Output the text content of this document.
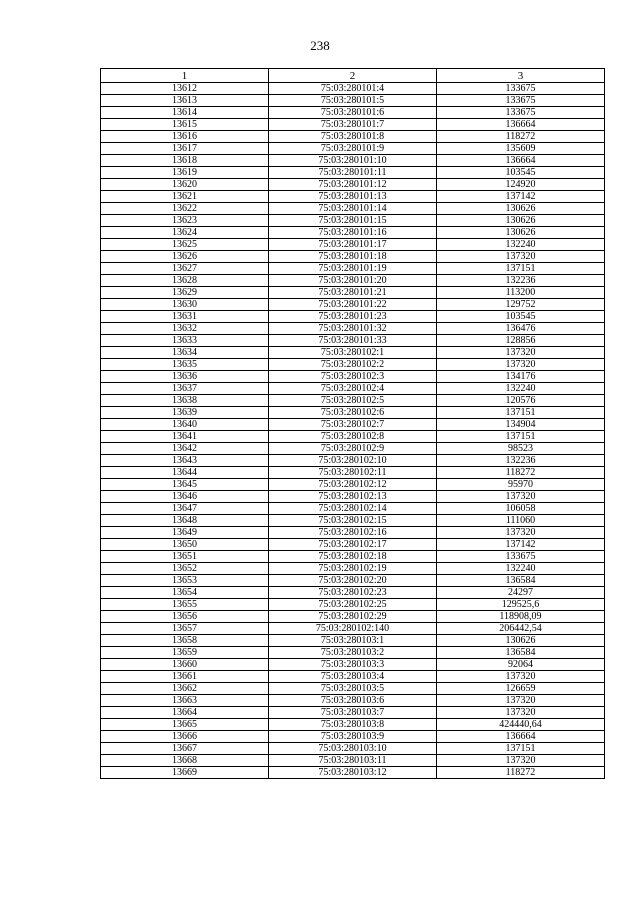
238
1	2	3
13612	75:03:280101:4	133675
13613	75:03:280101:5	133675
13614	75:03:280101:6	133675
13615	75:03:280101:7	136664
13616	75:03:280101:8	118272
13617	75:03:280101:9	135609
13618	75:03:280101:10	136664
13619	75:03:280101:11	103545
13620	75:03:280101:12	124920
13621	75:03:280101:13	137142
13622	75:03:280101:14	130626
13623	75:03:280101:15	130626
13624	75:03:280101:16	130626
13625	75:03:280101:17	132240
13626	75:03:280101:18	137320
13627	75:03:280101:19	137151
13628	75:03:280101:20	132236
13629	75:03:280101:21	113200
13630	75:03:280101:22	129752
13631	75:03:280101:23	103545
13632	75:03:280101:32	136476
13633	75:03:280101:33	128856
13634	75:03:280102:1	137320
13635	75:03:280102:2	137320
13636	75:03:280102:3	134176
13637	75:03:280102:4	132240
13638	75:03:280102:5	120576
13639	75:03:280102:6	137151
13640	75:03:280102:7	134904
13641	75:03:280102:8	137151
13642	75:03:280102:9	98523
13643	75:03:280102:10	132236
13644	75:03:280102:11	118272
13645	75:03:280102:12	95970
13646	75:03:280102:13	137320
13647	75:03:280102:14	106058
13648	75:03:280102:15	111060
13649	75:03:280102:16	137320
13650	75:03:280102:17	137142
13651	75:03:280102:18	133675
13652	75:03:280102:19	132240
13653	75:03:280102:20	136584
13654	75:03:280102:23	24297
13655	75:03:280102:25	129525,6
13656	75:03:280102:29	118908,09
13657	75:03:280102:140	206442,54
13658	75:03:280103:1	130626
13659	75:03:280103:2	136584
13660	75:03:280103:3	92064
13661	75:03:280103:4	137320
13662	75:03:280103:5	126659
13663	75:03:280103:6	137320
13664	75:03:280103:7	137320
13665	75:03:280103:8	424440,64
13666	75:03:280103:9	136664
13667	75:03:280103:10	137151
13668	75:03:280103:11	137320
13669	75:03:280103:12	118272
